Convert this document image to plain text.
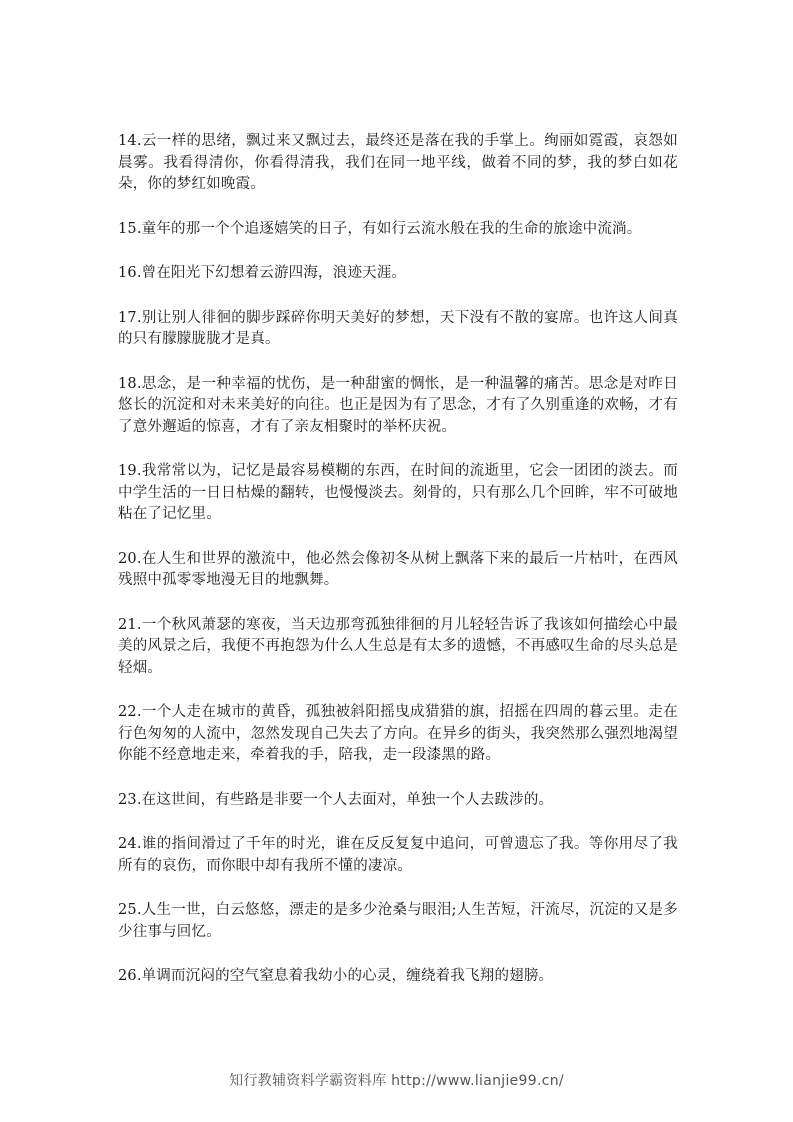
14.云一样的思绪，飘过来又飘过去，最终还是落在我的手掌上。绚丽如霓霞，哀怨如晨雾。我看得清你，你看得清我，我们在同一地平线，做着不同的梦，我的梦白如花朵，你的梦红如晚霞。

15.童年的那一个个追逐嬉笑的日子，有如行云流水般在我的生命的旅途中流淌。

16.曾在阳光下幻想着云游四海，浪迹天涯。

17.别让别人徘徊的脚步踩碎你明天美好的梦想，天下没有不散的宴席。也许这人间真的只有朦朦胧胧才是真。

18.思念，是一种幸福的忧伤，是一种甜蜜的惆怅，是一种温馨的痛苦。思念是对昨日悠长的沉淀和对未来美好的向往。也正是因为有了思念，才有了久别重逢的欢畅，才有了意外邂逅的惊喜，才有了亲友相聚时的举杯庆祝。

19.我常常以为，记忆是最容易模糊的东西，在时间的流逝里，它会一团团的淡去。而中学生活的一日日枯燥的翻转，也慢慢淡去。刻骨的，只有那么几个回眸，牢不可破地粘在了记忆里。

20.在人生和世界的激流中，他必然会像初冬从树上飘落下来的最后一片枯叶，在西风残照中孤零零地漫无目的地飘舞。

21.一个秋风萧瑟的寒夜，当天边那弯孤独徘徊的月儿轻轻告诉了我该如何描绘心中最美的风景之后，我便不再抱怨为什么人生总是有太多的遗憾，不再感叹生命的尽头总是轻烟。

22.一个人走在城市的黄昏，孤独被斜阳摇曳成猎猎的旗，招摇在四周的暮云里。走在行色匆匆的人流中，忽然发现自己失去了方向。在异乡的街头，我突然那么强烈地渴望你能不经意地走来，牵着我的手，陪我，走一段漆黑的路。

23.在这世间，有些路是非要一个人去面对，单独一个人去跋涉的。

24.谁的指间滑过了千年的时光，谁在反反复复中追问，可曾遗忘了我。等你用尽了我所有的哀伤，而你眼中却有我所不懂的凄凉。

25.人生一世，白云悠悠，漂走的是多少沧桑与眼泪;人生苦短，汗流尽，沉淀的又是多少往事与回忆。

26.单调而沉闷的空气窒息着我幼小的心灵，缠绕着我飞翔的翅膀。

知行教辅资料学霸资料库 http://www.lianjie99.cn/
